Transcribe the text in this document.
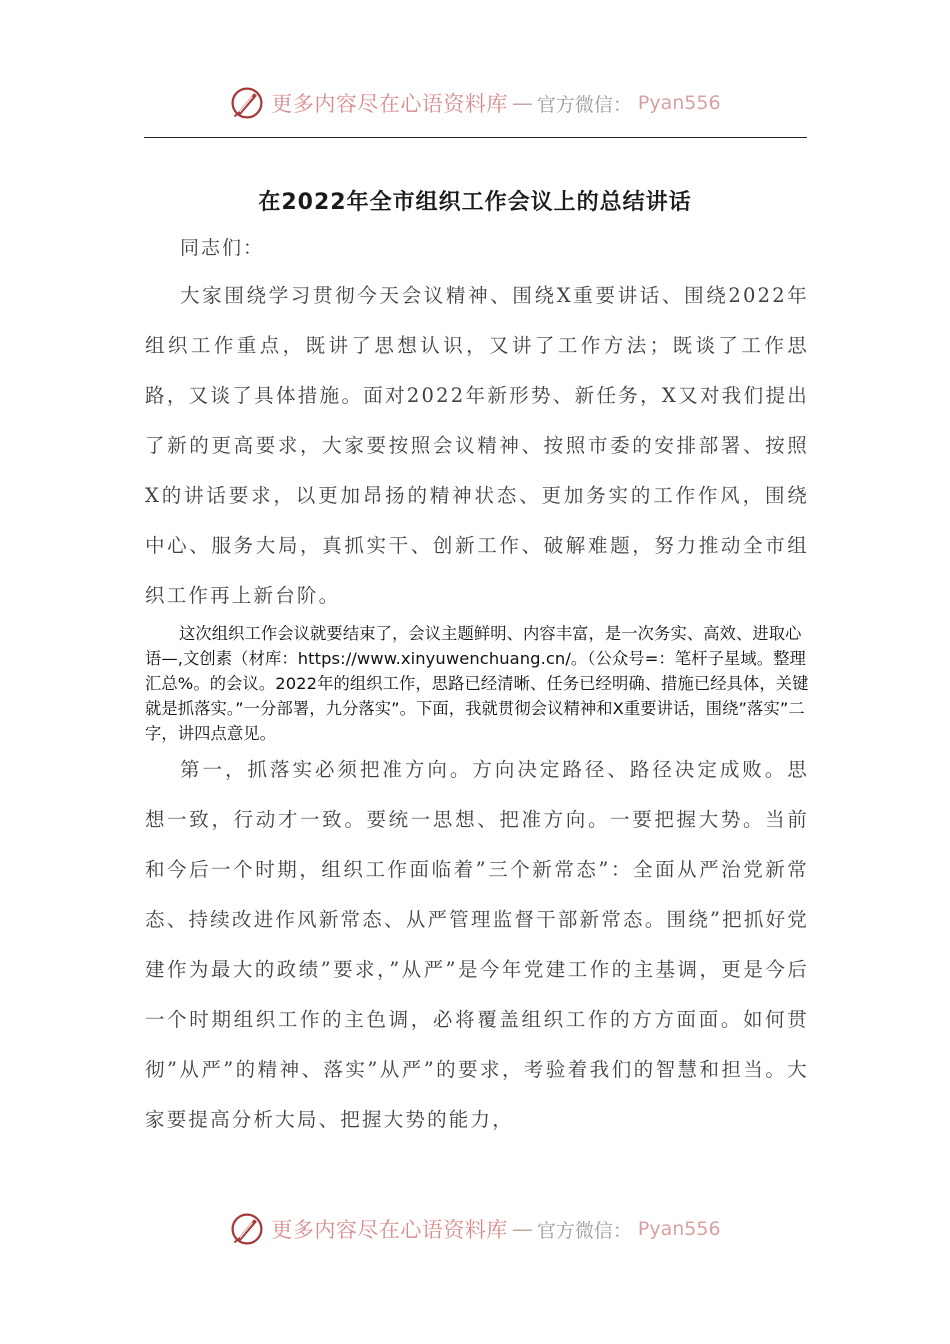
更多内容尽在心语资料库 — 官方微信： Pyan556
在2022年全市组织工作会议上的总结讲话

同志们：

大家围绕学习贯彻今天会议精神、围绕X重要讲话、围绕2022年组织工作重点，既讲了思想认识，又讲了工作方法；既谈了工作思路，又谈了具体措施。面对2022年新形势、新任务，X又对我们提出了新的更高要求，大家要按照会议精神、按照市委的安排部署、按照X的讲话要求，以更加昂扬的精神状态、更加务实的工作作风，围绕中心、服务大局，真抓实干、创新工作、破解难题，努力推动全市组织工作再上新台阶。

这次组织工作会议就要结束了，会议主题鲜明、内容丰富，是一次务实、高效、进取心语—,文创素（材库：https://www.xinyuwenchuang.cn/。（公众号=：笔杆子星域。整理汇总%。的会议。2022年的组织工作，思路已经清晰、任务已经明确、措施已经具体，关键就是抓落实。”一分部署，九分落实”。下面，我就贯彻会议精神和X重要讲话，围绕”落实”二字，讲四点意见。

第一，抓落实必须把准方向。方向决定路径、路径决定成败。思想一致，行动才一致。要统一思想、把准方向。一要把握大势。当前和今后一个时期，组织工作面临着”三个新常态”：全面从严治党新常态、持续改进作风新常态、从严管理监督干部新常态。围绕”把抓好党建作为最大的政绩”要求，”从严”是今年党建工作的主基调，更是今后一个时期组织工作的主色调，必将覆盖组织工作的方方面面。如何贯彻”从严”的精神、落实”从严”的要求，考验着我们的智慧和担当。大家要提高分析大局、把握大势的能力，

更多内容尽在心语资料库 — 官方微信： Pyan556
